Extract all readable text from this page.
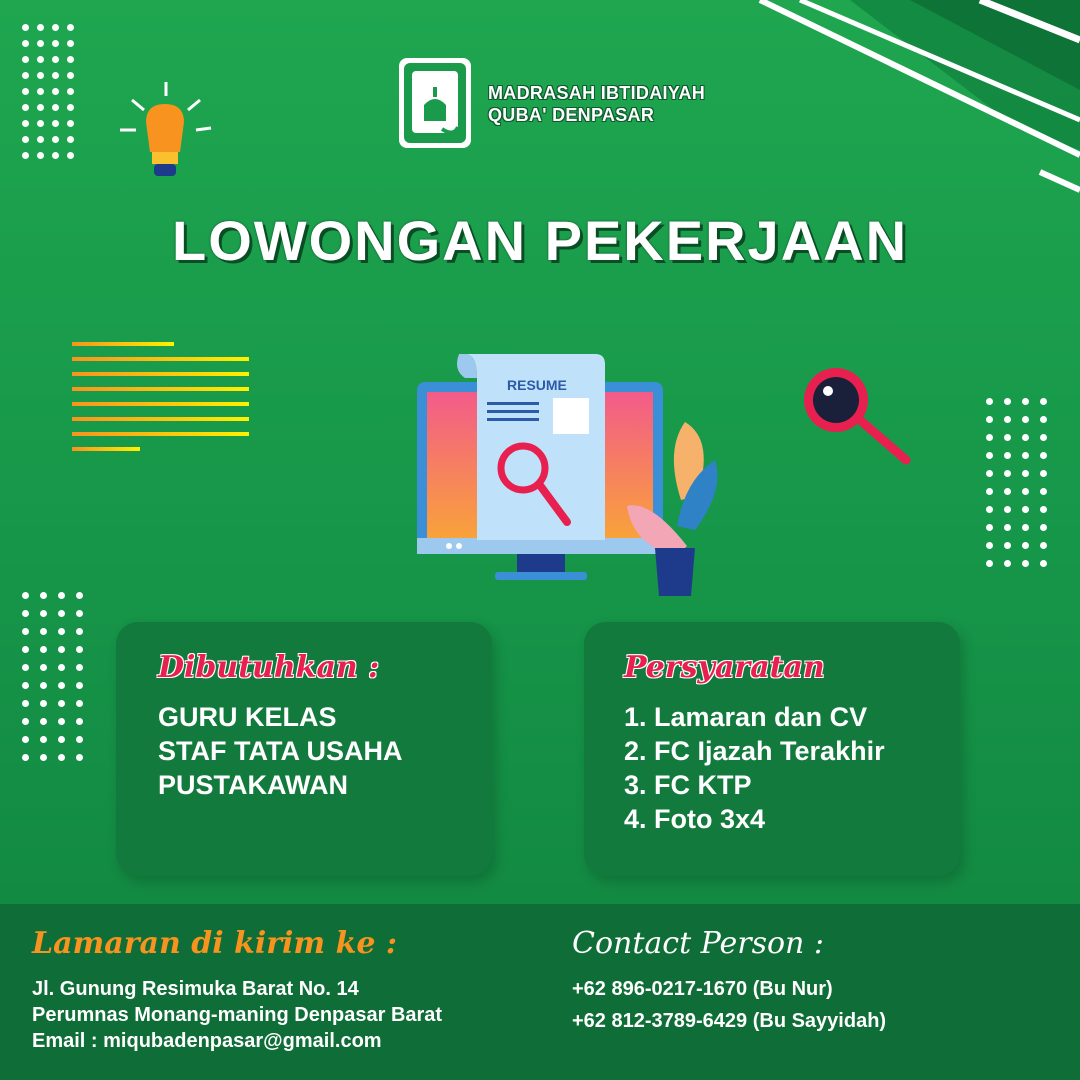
MADRASAH IBTIDAIYAH
QUBA' DENPASAR
LOWONGAN PEKERJAAN
RESUME
Dibutuhkan :
GURU KELAS
STAF TATA USAHA
PUSTAKAWAN
Persyaratan
1. Lamaran dan CV
2. FC Ijazah Terakhir
3. FC KTP
4. Foto 3x4
Lamaran di kirim ke :
Jl. Gunung Resimuka Barat No. 14
Perumnas Monang-maning Denpasar Barat
Email : miqubadenpasar@gmail.com
Contact Person :
+62 896-0217-1670 (Bu Nur)
+62 812-3789-6429 (Bu Sayyidah)
